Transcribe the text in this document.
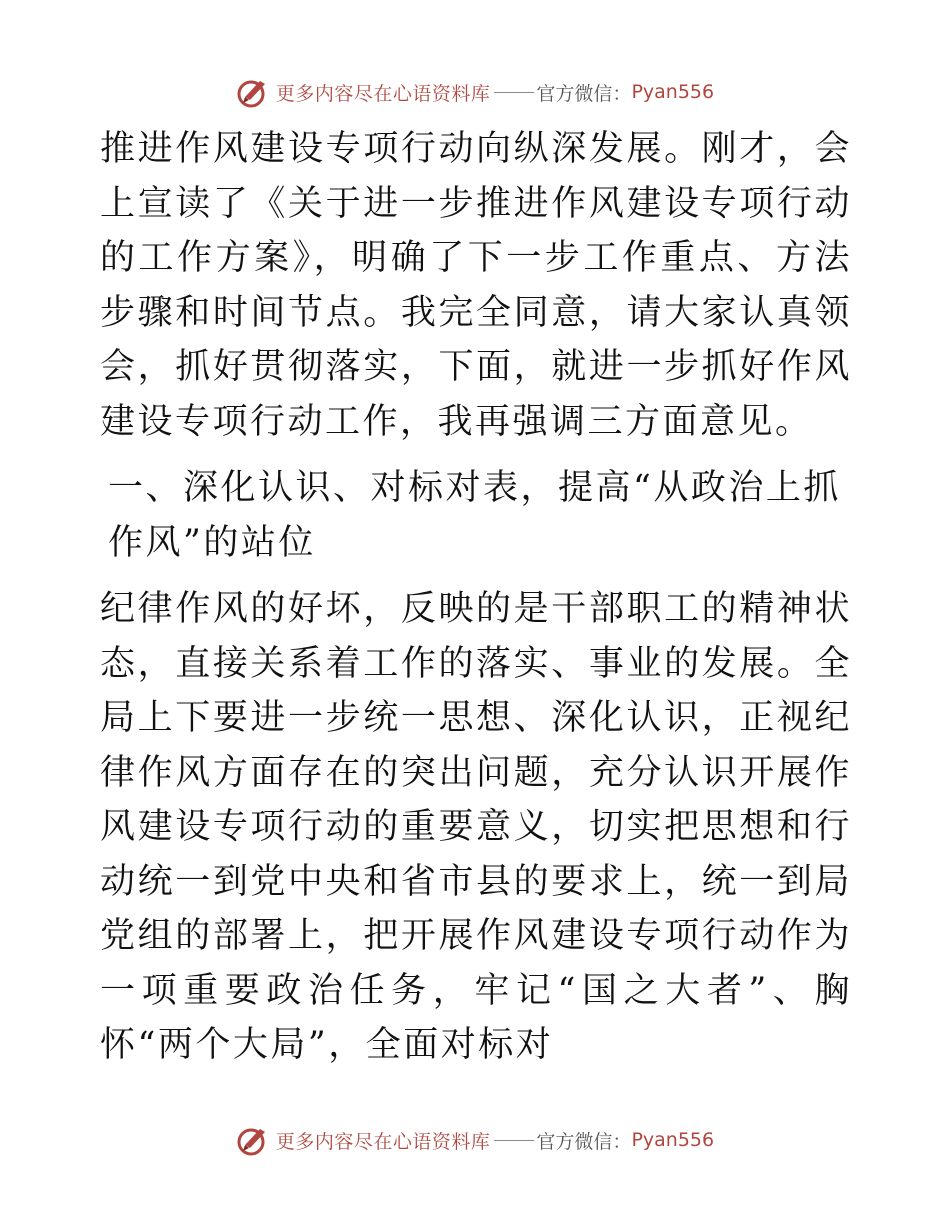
更多内容尽在心语资料库 官方微信： Pyan556

推进作风建设专项行动向纵深发展。刚才，会上宣读了《关于进一步推进作风建设专项行动的工作方案》，明确了下一步工作重点、方法步骤和时间节点。我完全同意，请大家认真领会，抓好贯彻落实，下面，就进一步抓好作风建设专项行动工作，我再强调三方面意见。

一、深化认识、对标对表，提高“从政治上抓作风”的站位

纪律作风的好坏，反映的是干部职工的精神状态，直接关系着工作的落实、事业的发展。全局上下要进一步统一思想、深化认识，正视纪律作风方面存在的突出问题，充分认识开展作风建设专项行动的重要意义，切实把思想和行动统一到党中央和省市县的要求上，统一到局党组的部署上，把开展作风建设专项行动作为一项重要政治任务，牢记“国之大者”、胸怀“两个大局”，全面对标对

更多内容尽在心语资料库 官方微信： Pyan556
